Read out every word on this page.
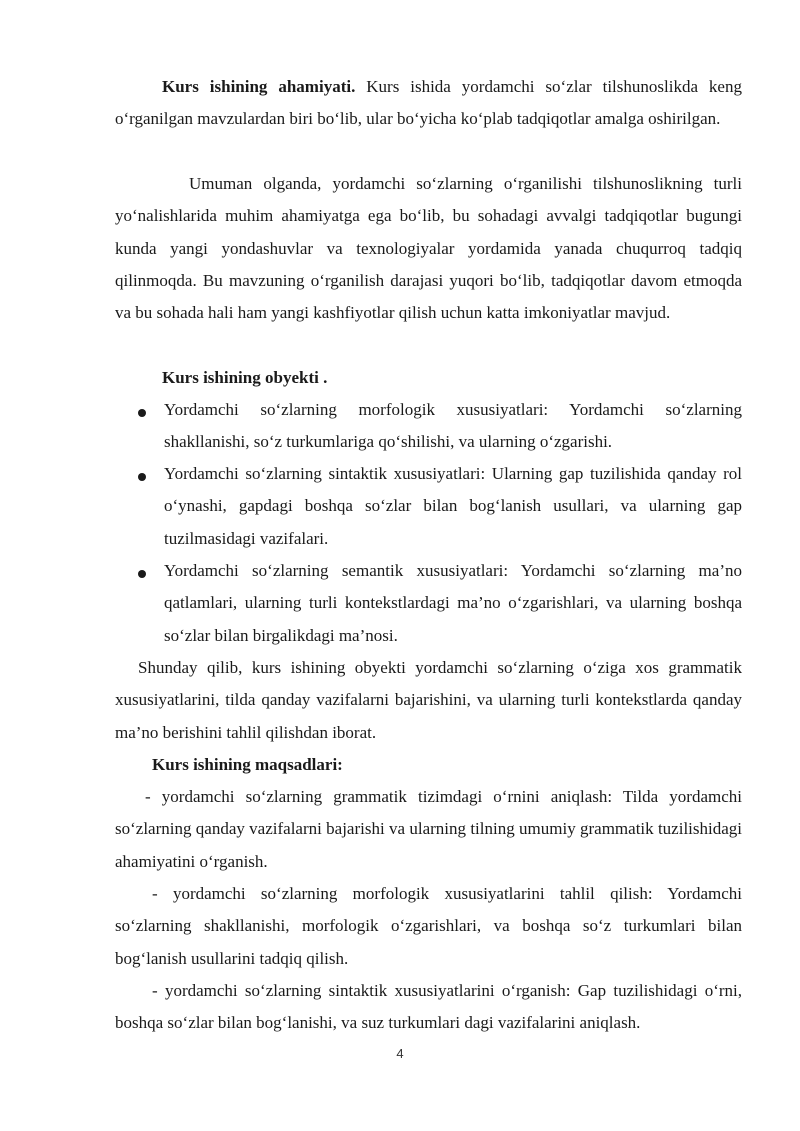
Kurs ishining ahamiyati. Kurs ishida yordamchi so‘zlar tilshunoslikda keng o‘rganilgan mavzulardan biri bo‘lib, ular bo‘yicha ko‘plab tadqiqotlar amalga oshirilgan.

Umuman olganda, yordamchi so‘zlarning o‘rganilishi tilshunoslikning turli yo‘nalishlarida muhim ahamiyatga ega bo‘lib, bu sohadagi avvalgi tadqiqotlar bugungi kunda yangi yondashuvlar va texnologiyalar yordamida yanada chuqurroq tadqiq qilinmoqda. Bu mavzuning o‘rganilish darajasi yuqori bo‘lib, tadqiqotlar davom etmoqda va bu sohada hali ham yangi kashfiyotlar qilish uchun katta imkoniyatlar mavjud.

Kurs ishining obyekti .

Yordamchi so‘zlarning morfologik xususiyatlari: Yordamchi so‘zlarning shakllanishi, so‘z turkumlariga qo‘shilishi, va ularning o‘zgarishi.

Yordamchi so‘zlarning sintaktik xususiyatlari: Ularning gap tuzilishida qanday rol o‘ynashi, gapdagi boshqa so‘zlar bilan bog‘lanish usullari, va ularning gap tuzilmasidagi vazifalari.

Yordamchi so‘zlarning semantik xususiyatlari: Yordamchi so‘zlarning ma’no qatlamlari, ularning turli kontekstlardagi ma’no o‘zgarishlari, va ularning boshqa so‘zlar bilan birgalikdagi ma’nosi.

Shunday qilib, kurs ishining obyekti yordamchi so‘zlarning o‘ziga xos grammatik xususiyatlarini, tilda qanday vazifalarni bajarishini, va ularning turli kontekstlarda qanday ma’no berishini tahlil qilishdan iborat.

Kurs ishining maqsadlari:

- yordamchi so‘zlarning grammatik tizimdagi o‘rnini aniqlash: Tilda yordamchi so‘zlarning qanday vazifalarni bajarishi va ularning tilning umumiy grammatik tuzilishidagi ahamiyatini o‘rganish.

- yordamchi so‘zlarning morfologik xususiyatlarini tahlil qilish: Yordamchi so‘zlarning shakllanishi, morfologik o‘zgarishlari, va boshqa so‘z turkumlari bilan bog‘lanish usullarini tadqiq qilish.

- yordamchi so‘zlarning sintaktik xususiyatlarini o‘rganish: Gap tuzilishidagi o‘rni, boshqa so‘zlar bilan bog‘lanishi, va suz turkumlari dagi vazifalarini aniqlash.

4
